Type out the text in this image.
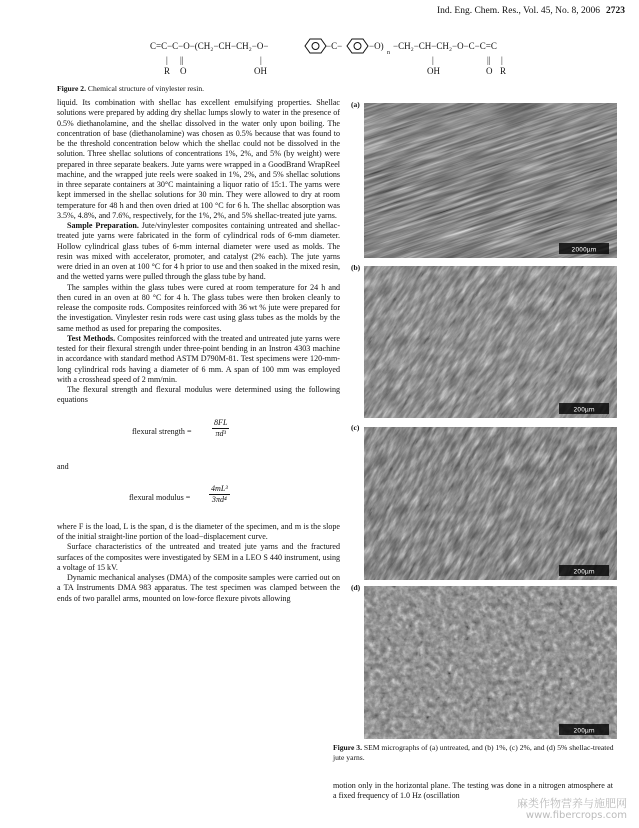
Ind. Eng. Chem. Res., Vol. 45, No. 8, 2006 2723
C=C−C−O−(CH₂−CH−CH₂−O−
| ||
R O
|
OH
−C−	−O)
n
−CH₂−CH−CH₂−O−C−C=C
|
OH
|| |
O R
Figure 2. Chemical structure of vinylester resin.

liquid. Its combination with shellac has excellent emulsifying properties. Shellac solutions were prepared by adding dry shellac lumps slowly to water in the presence of 0.5% diethanolamine, and the shellac dissolved in the water only upon boiling. The concentration of base (diethanolamine) was chosen as 0.5% because that was found to be the threshold concentration below which the shellac could not be dissolved in the solution. Three shellac solutions of concentrations 1%, 2%, and 5% (by weight) were prepared in three separate beakers. Jute yarns were wrapped in a GoodBrand WrapReel machine, and the wrapped jute reels were soaked in 1%, 2%, and 5% shellac solutions in three separate containers at 30°C maintaining a liquor ratio of 15:1. The yarns were kept immersed in the shellac solutions for 30 min. They were allowed to dry at room temperature for 48 h and then oven dried at 100 °C for 6 h. The shellac absorption was 3.5%, 4.8%, and 7.6%, respectively, for the 1%, 2%, and 5% shellac-treated jute yarns.

Sample Preparation. Jute/vinylester composites containing untreated and shellac-treated jute yarns were fabricated in the form of cylindrical rods of 6-mm diameter. Hollow cylindrical glass tubes of 6-mm internal diameter were used as molds. The resin was mixed with accelerator, promoter, and catalyst (2% each). The jute yarns were dried in an oven at 100 °C for 4 h prior to use and then soaked in the mixed resin, and the wetted yarns were pulled through the glass tube by hand.

The samples within the glass tubes were cured at room temperature for 24 h and then cured in an oven at 80 °C for 4 h. The glass tubes were then broken cleanly to release the composite rods. Composites reinforced with 36 wt % jute were prepared for the investigation. Vinylester resin rods were cast using glass tubes as the molds by the same method as used for preparing the composites.

Test Methods. Composites reinforced with the treated and untreated jute yarns were tested for their flexural strength under three-point bending in an Instron 4303 machine in accordance with standard method ASTM D790M-81. Test specimens were 120-mm-long cylindrical rods having a diameter of 6 mm. A span of 100 mm was employed with a crosshead speed of 2 mm/min.

The flexural strength and flexural modulus were determined using the following equations

flexural strength =	$\frac{8FL}{\text{πd³}}$
and
flexural modulus = $\frac{\text{4mL³}}{\text{3πd⁴}}$

where F is the load, L is the span, d is the diameter of the specimen, and m is the slope of the initial straight-line portion of the load−displacement curve.

Surface characteristics of the untreated and treated jute yarns and the fractured surfaces of the composites were investigated by SEM in a LEO S 440 instrument, using a voltage of 15 kV.

Dynamic mechanical analyses (DMA) of the composite samples were carried out on a TA Instruments DMA 983 apparatus. The test specimen was clamped between the ends of two parallel arms, mounted on low-force flexure pivots allowing

(a)
2000µm
(b)
200µm
(c)
200µm
(d)
200µm
Figure 3. SEM micrographs of (a) untreated, and (b) 1%, (c) 2%, and (d) 5% shellac-treated jute yarns.
motion only in the horizontal plane. The testing was done in a nitrogen atmosphere at a fixed frequency of 1.0 Hz (oscillation
麻类作物营养与施肥网
www.fibercrops.com
